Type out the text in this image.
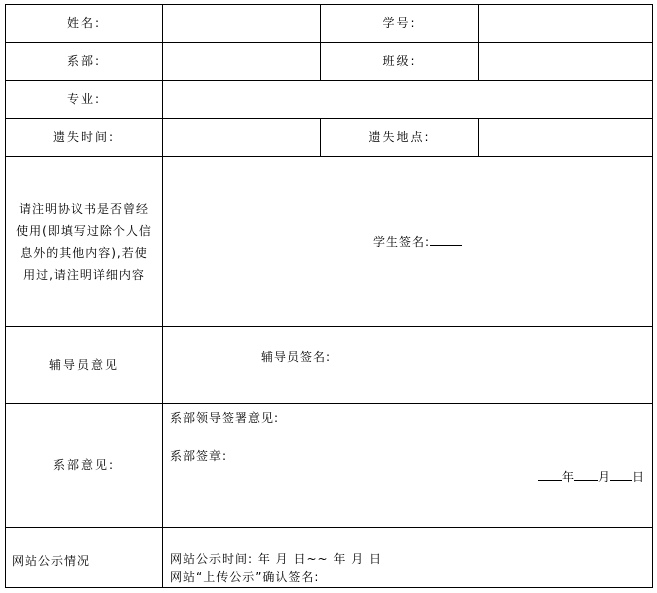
姓名:		学号:	
系部:		班级:	
专业:			
遗失时间:		遗失地点:	

请注明协议书是否曾经使用(即填写过除个人信息外的其他内容),若使用过,请注明详细内容	学生签名:		

辅导员意见	辅导员签名:		

系部意见:	系部领导签署意见:
系部签章:
年 月 日		

网站公示情况	网站公示时间: 年 月 日~~ 年 月 日
网站“上传公示”确认签名:		
